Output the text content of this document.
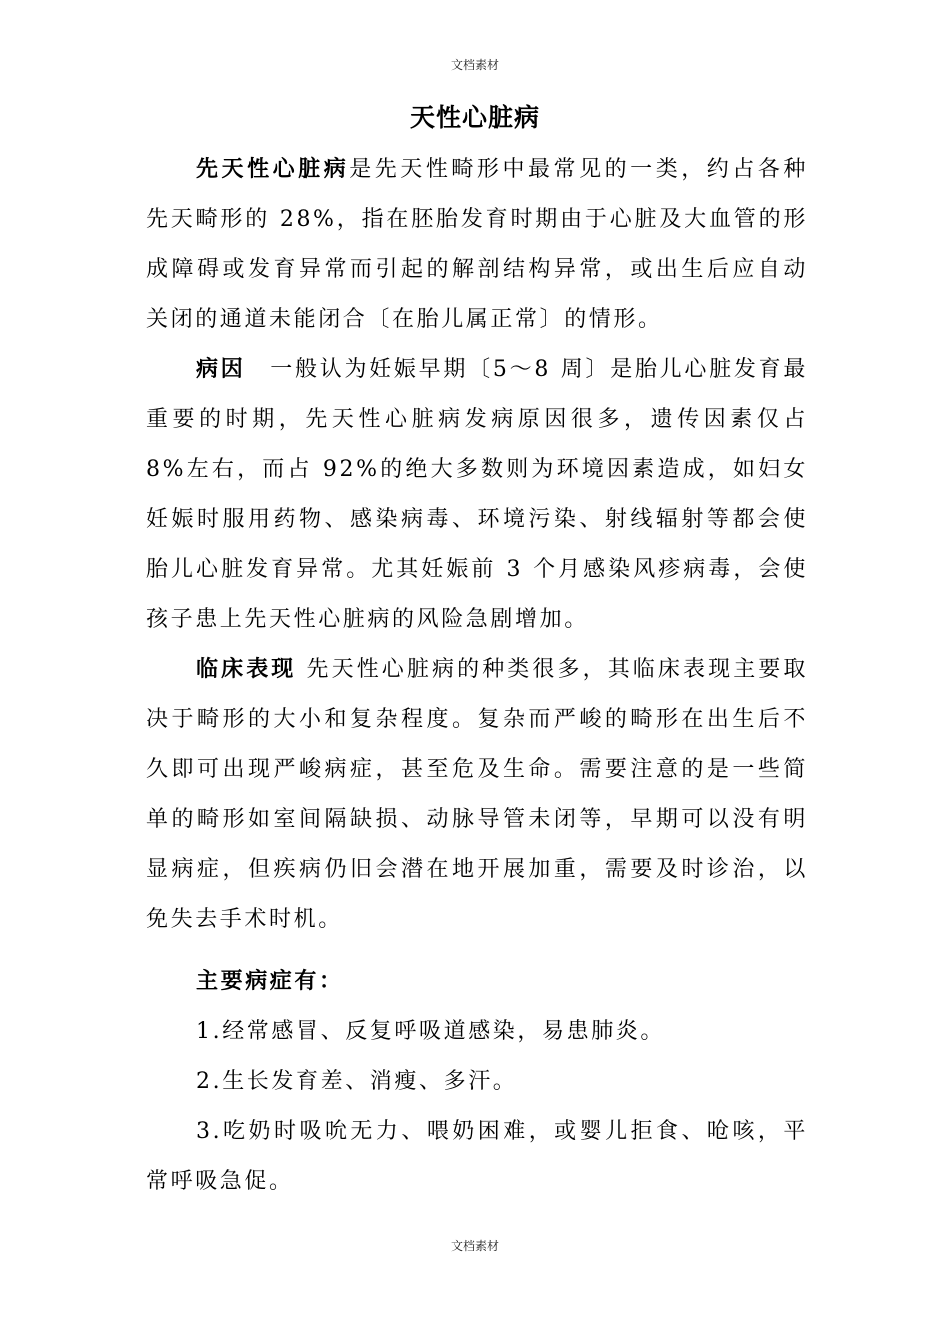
文档素材
天性心脏病

先天性心脏病是先天性畸形中最常见的一类，约占各种先天畸形的 28%，指在胚胎发育时期由于心脏及大血管的形成障碍或发育异常而引起的解剖结构异常，或出生后应自动关闭的通道未能闭合〔在胎儿属正常〕的情形。

病因　一般认为妊娠早期〔5～8 周〕是胎儿心脏发育最重要的时期，先天性心脏病发病原因很多，遗传因素仅占 8%左右，而占 92%的绝大多数则为环境因素造成，如妇女妊娠时服用药物、感染病毒、环境污染、射线辐射等都会使胎儿心脏发育异常。尤其妊娠前 3 个月感染风疹病毒，会使孩子患上先天性心脏病的风险急剧增加。

临床表现 先天性心脏病的种类很多，其临床表现主要取决于畸形的大小和复杂程度。复杂而严峻的畸形在出生后不久即可出现严峻病症，甚至危及生命。需要注意的是一些简单的畸形如室间隔缺损、动脉导管未闭等，早期可以没有明显病症，但疾病仍旧会潜在地开展加重，需要及时诊治，以免失去手术时机。

主要病症有：

1.经常感冒、反复呼吸道感染，易患肺炎。

2.生长发育差、消瘦、多汗。

3.吃奶时吸吮无力、喂奶困难，或婴儿拒食、呛咳，平常呼吸急促。

文档素材
